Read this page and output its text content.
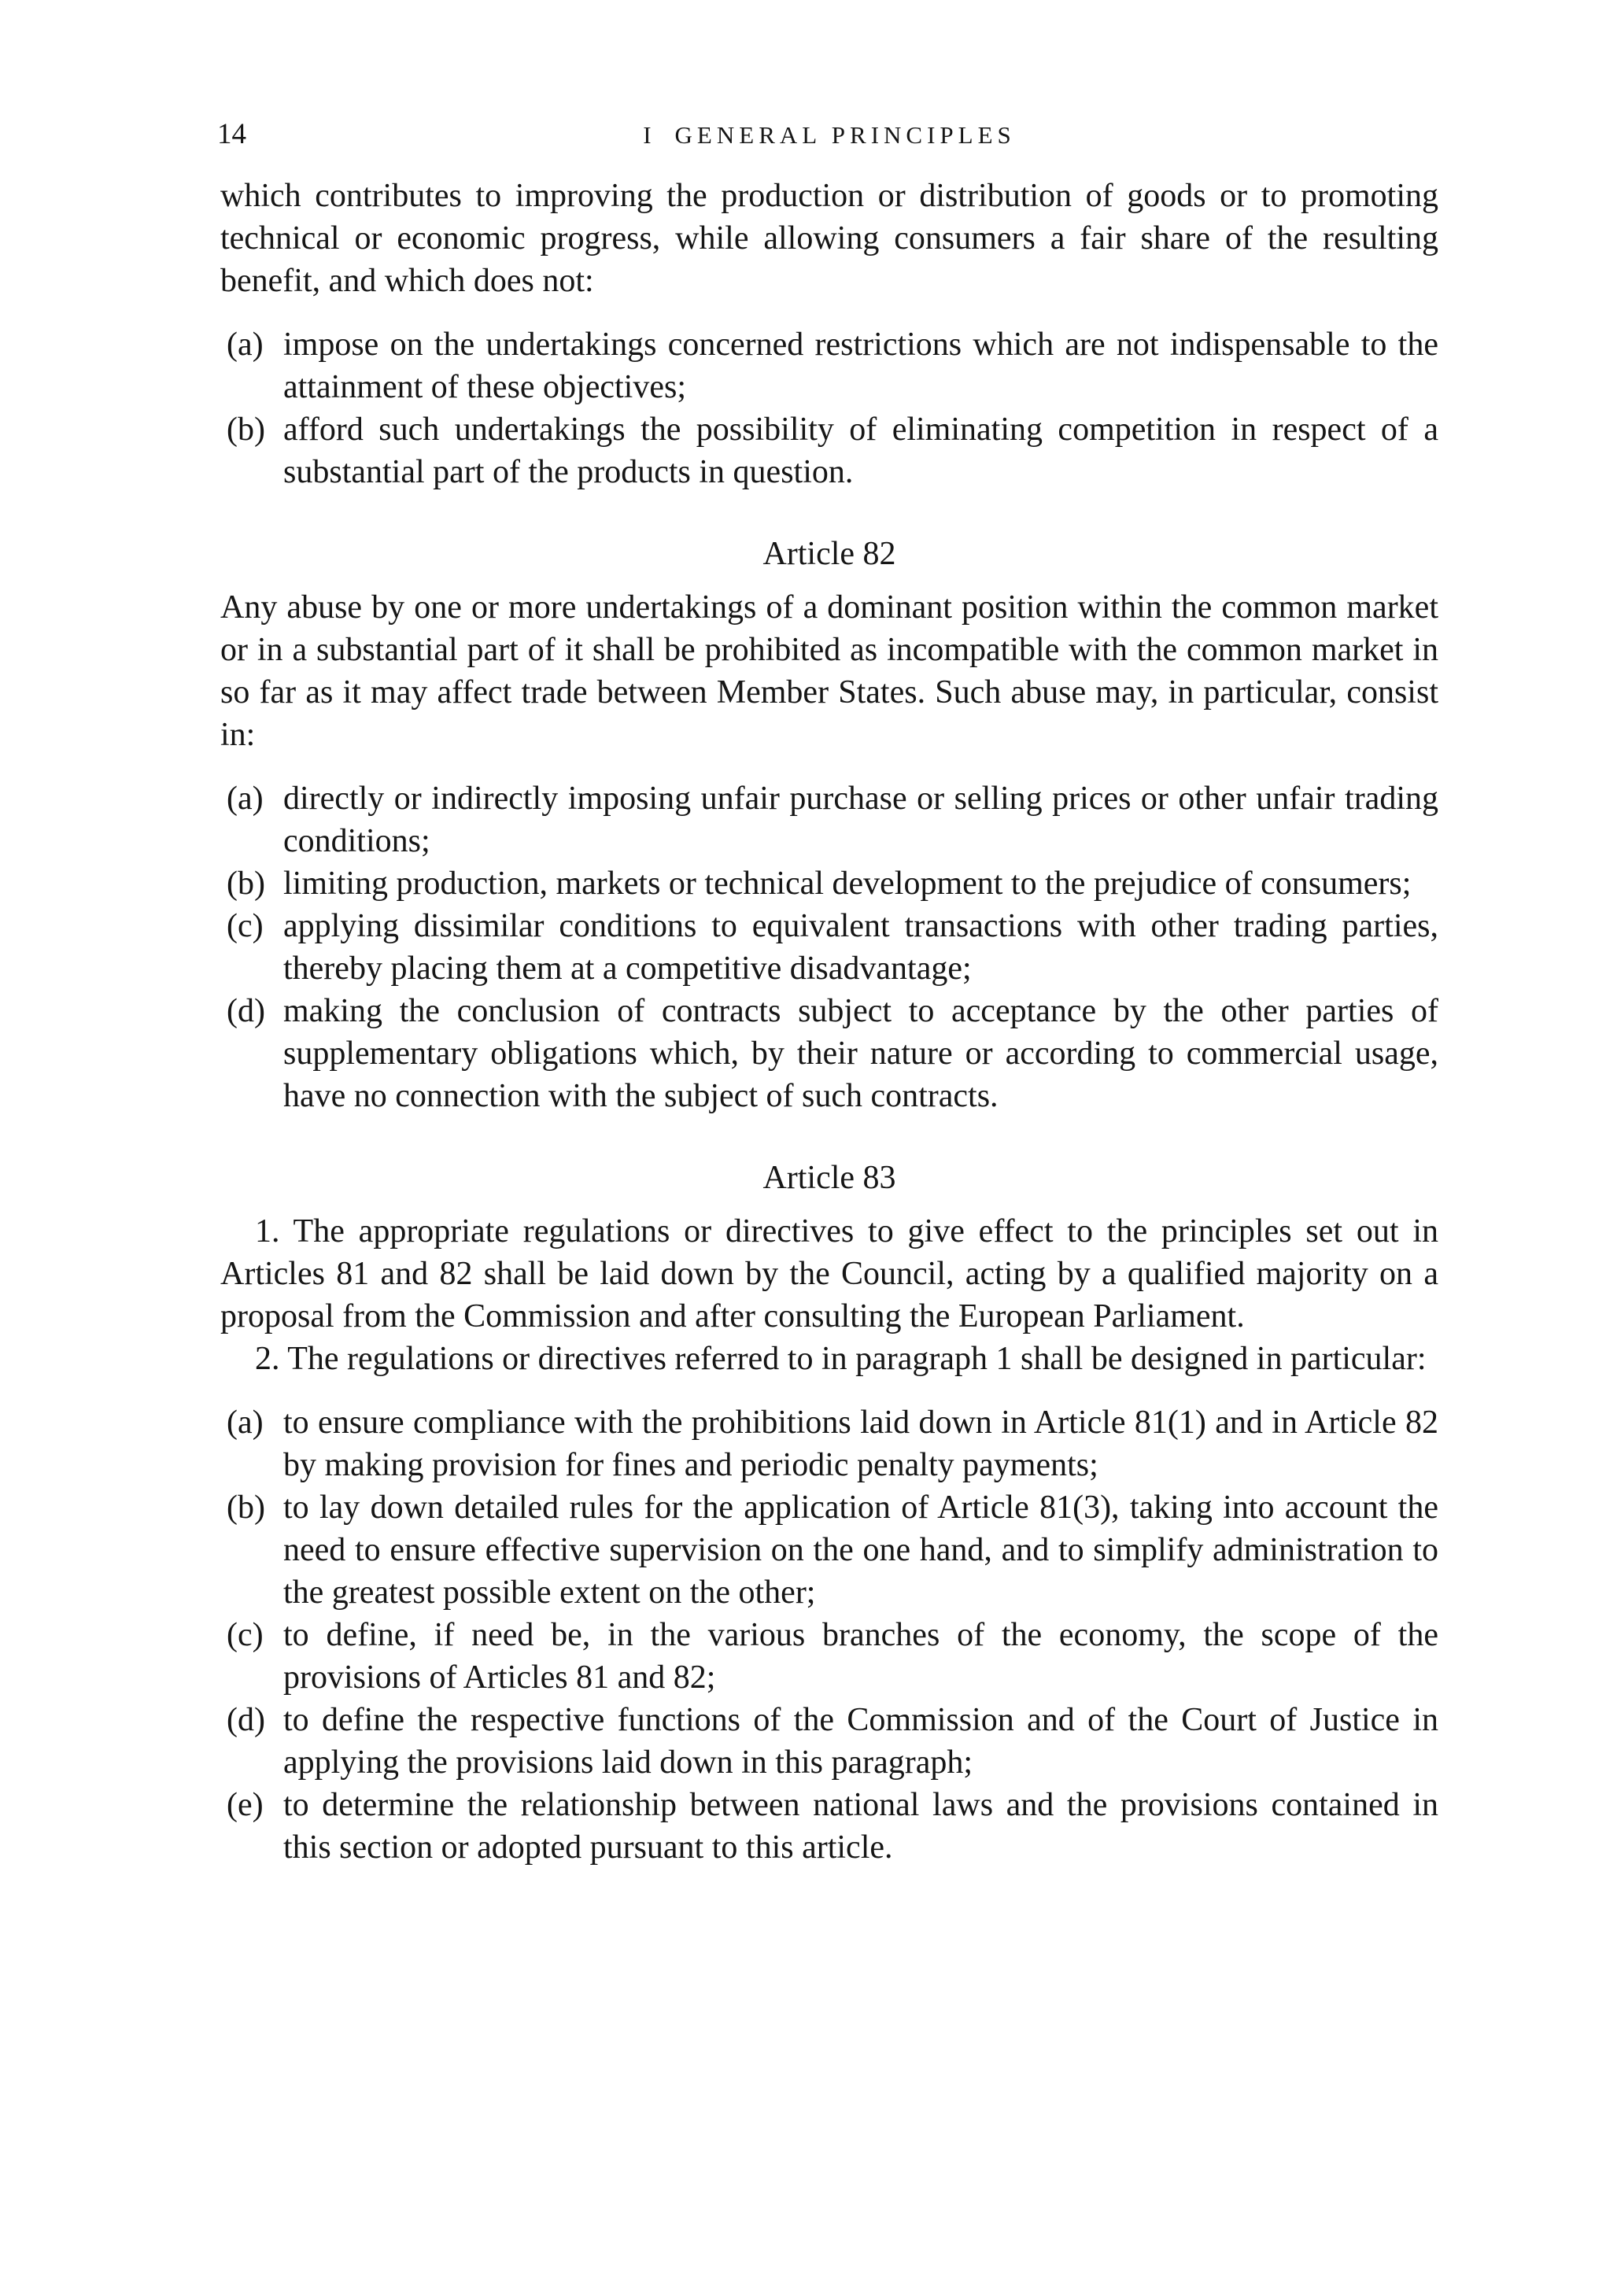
14	I GENERAL PRINCIPLES

which contributes to improving the production or distribution of goods or to promoting technical or economic progress, while allowing consumers a fair share of the resulting benefit, and which does not:

(a) impose on the undertakings concerned restrictions which are not indispensable to the attainment of these objectives;
(b) afford such undertakings the possibility of eliminating competition in respect of a substantial part of the products in question.
Article 82

Any abuse by one or more undertakings of a dominant position within the common market or in a substantial part of it shall be prohibited as incompatible with the common market in so far as it may affect trade between Member States. Such abuse may, in particular, consist in:

(a) directly or indirectly imposing unfair purchase or selling prices or other unfair trading conditions;
(b) limiting production, markets or technical development to the prejudice of consumers;
(c) applying dissimilar conditions to equivalent transactions with other trading parties, thereby placing them at a competitive disadvantage;
(d) making the conclusion of contracts subject to acceptance by the other parties of supplementary obligations which, by their nature or according to commercial usage, have no connection with the subject of such contracts.
Article 83

1. The appropriate regulations or directives to give effect to the principles set out in Articles 81 and 82 shall be laid down by the Council, acting by a qualified majority on a proposal from the Commission and after consulting the European Parliament.

2. The regulations or directives referred to in paragraph 1 shall be designed in particular:

(a) to ensure compliance with the prohibitions laid down in Article 81(1) and in Article 82 by making provision for fines and periodic penalty payments;
(b) to lay down detailed rules for the application of Article 81(3), taking into account the need to ensure effective supervision on the one hand, and to simplify administration to the greatest possible extent on the other;
(c) to define, if need be, in the various branches of the economy, the scope of the provisions of Articles 81 and 82;
(d) to define the respective functions of the Commission and of the Court of Justice in applying the provisions laid down in this paragraph;
(e) to determine the relationship between national laws and the provisions contained in this section or adopted pursuant to this article.
